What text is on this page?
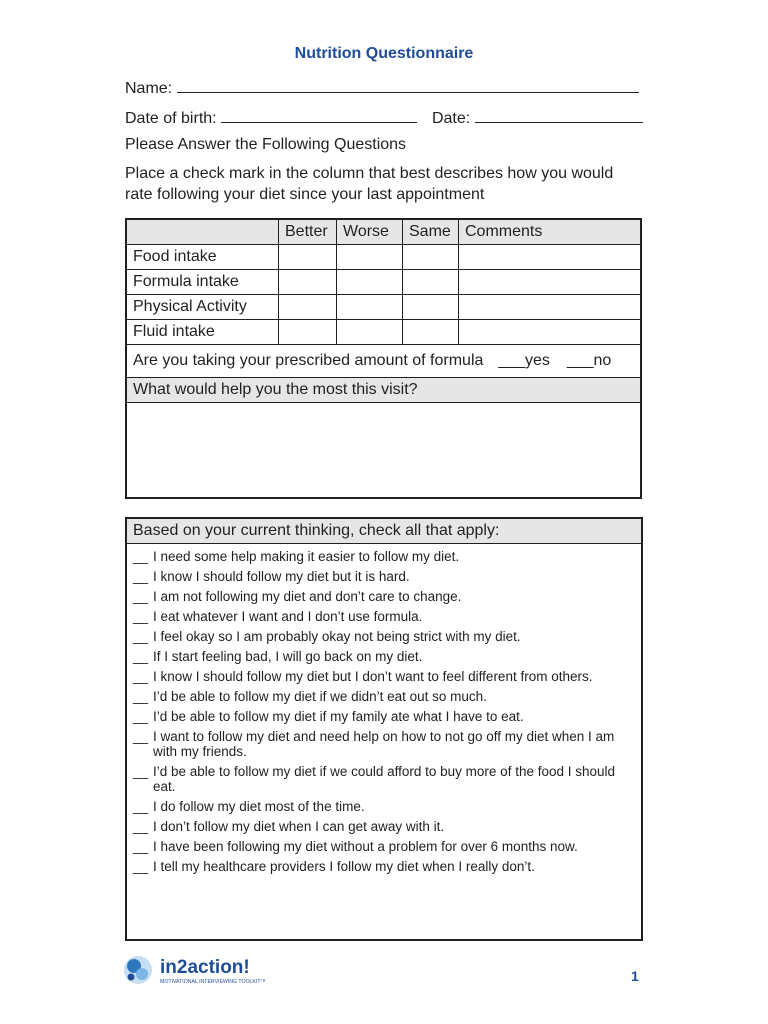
Nutrition Questionnaire
Name:
Date of birth:	Date:
Please Answer the Following Questions
Place a check mark in the column that best describes how you would
rate following your diet since your last appointment
	Better	Worse	Same	Comments
Food intake				
Formula intake				
Physical Activity				
Fluid intake				
Are you taking your prescribed amount of formula ___yes ___no				
What would help you the most this visit?				

Based on your current thinking, check all that apply:
__ I need some help making it easier to follow my diet.
__ I know I should follow my diet but it is hard.
__ I am not following my diet and don’t care to change.
__ I eat whatever I want and I don’t use formula.
__ I feel okay so I am probably okay not being strict with my diet.
__ If I start feeling bad, I will go back on my diet.
__ I know I should follow my diet but I don’t want to feel different from others.
__ I’d be able to follow my diet if we didn’t eat out so much.
__ I’d be able to follow my diet if my family ate what I have to eat.
__ I want to follow my diet and need help on how to not go off my diet when I am with my friends.
__ I’d be able to follow my diet if we could afford to buy more of the food I should eat.
__ I do follow my diet most of the time.
__ I don’t follow my diet when I can get away with it.
__ I have been following my diet without a problem for over 6 months now.
__ I tell my healthcare providers I follow my diet when I really don’t.
in2action!
MOTIVATIONAL INTERVIEWING TOOLKIT™	1
